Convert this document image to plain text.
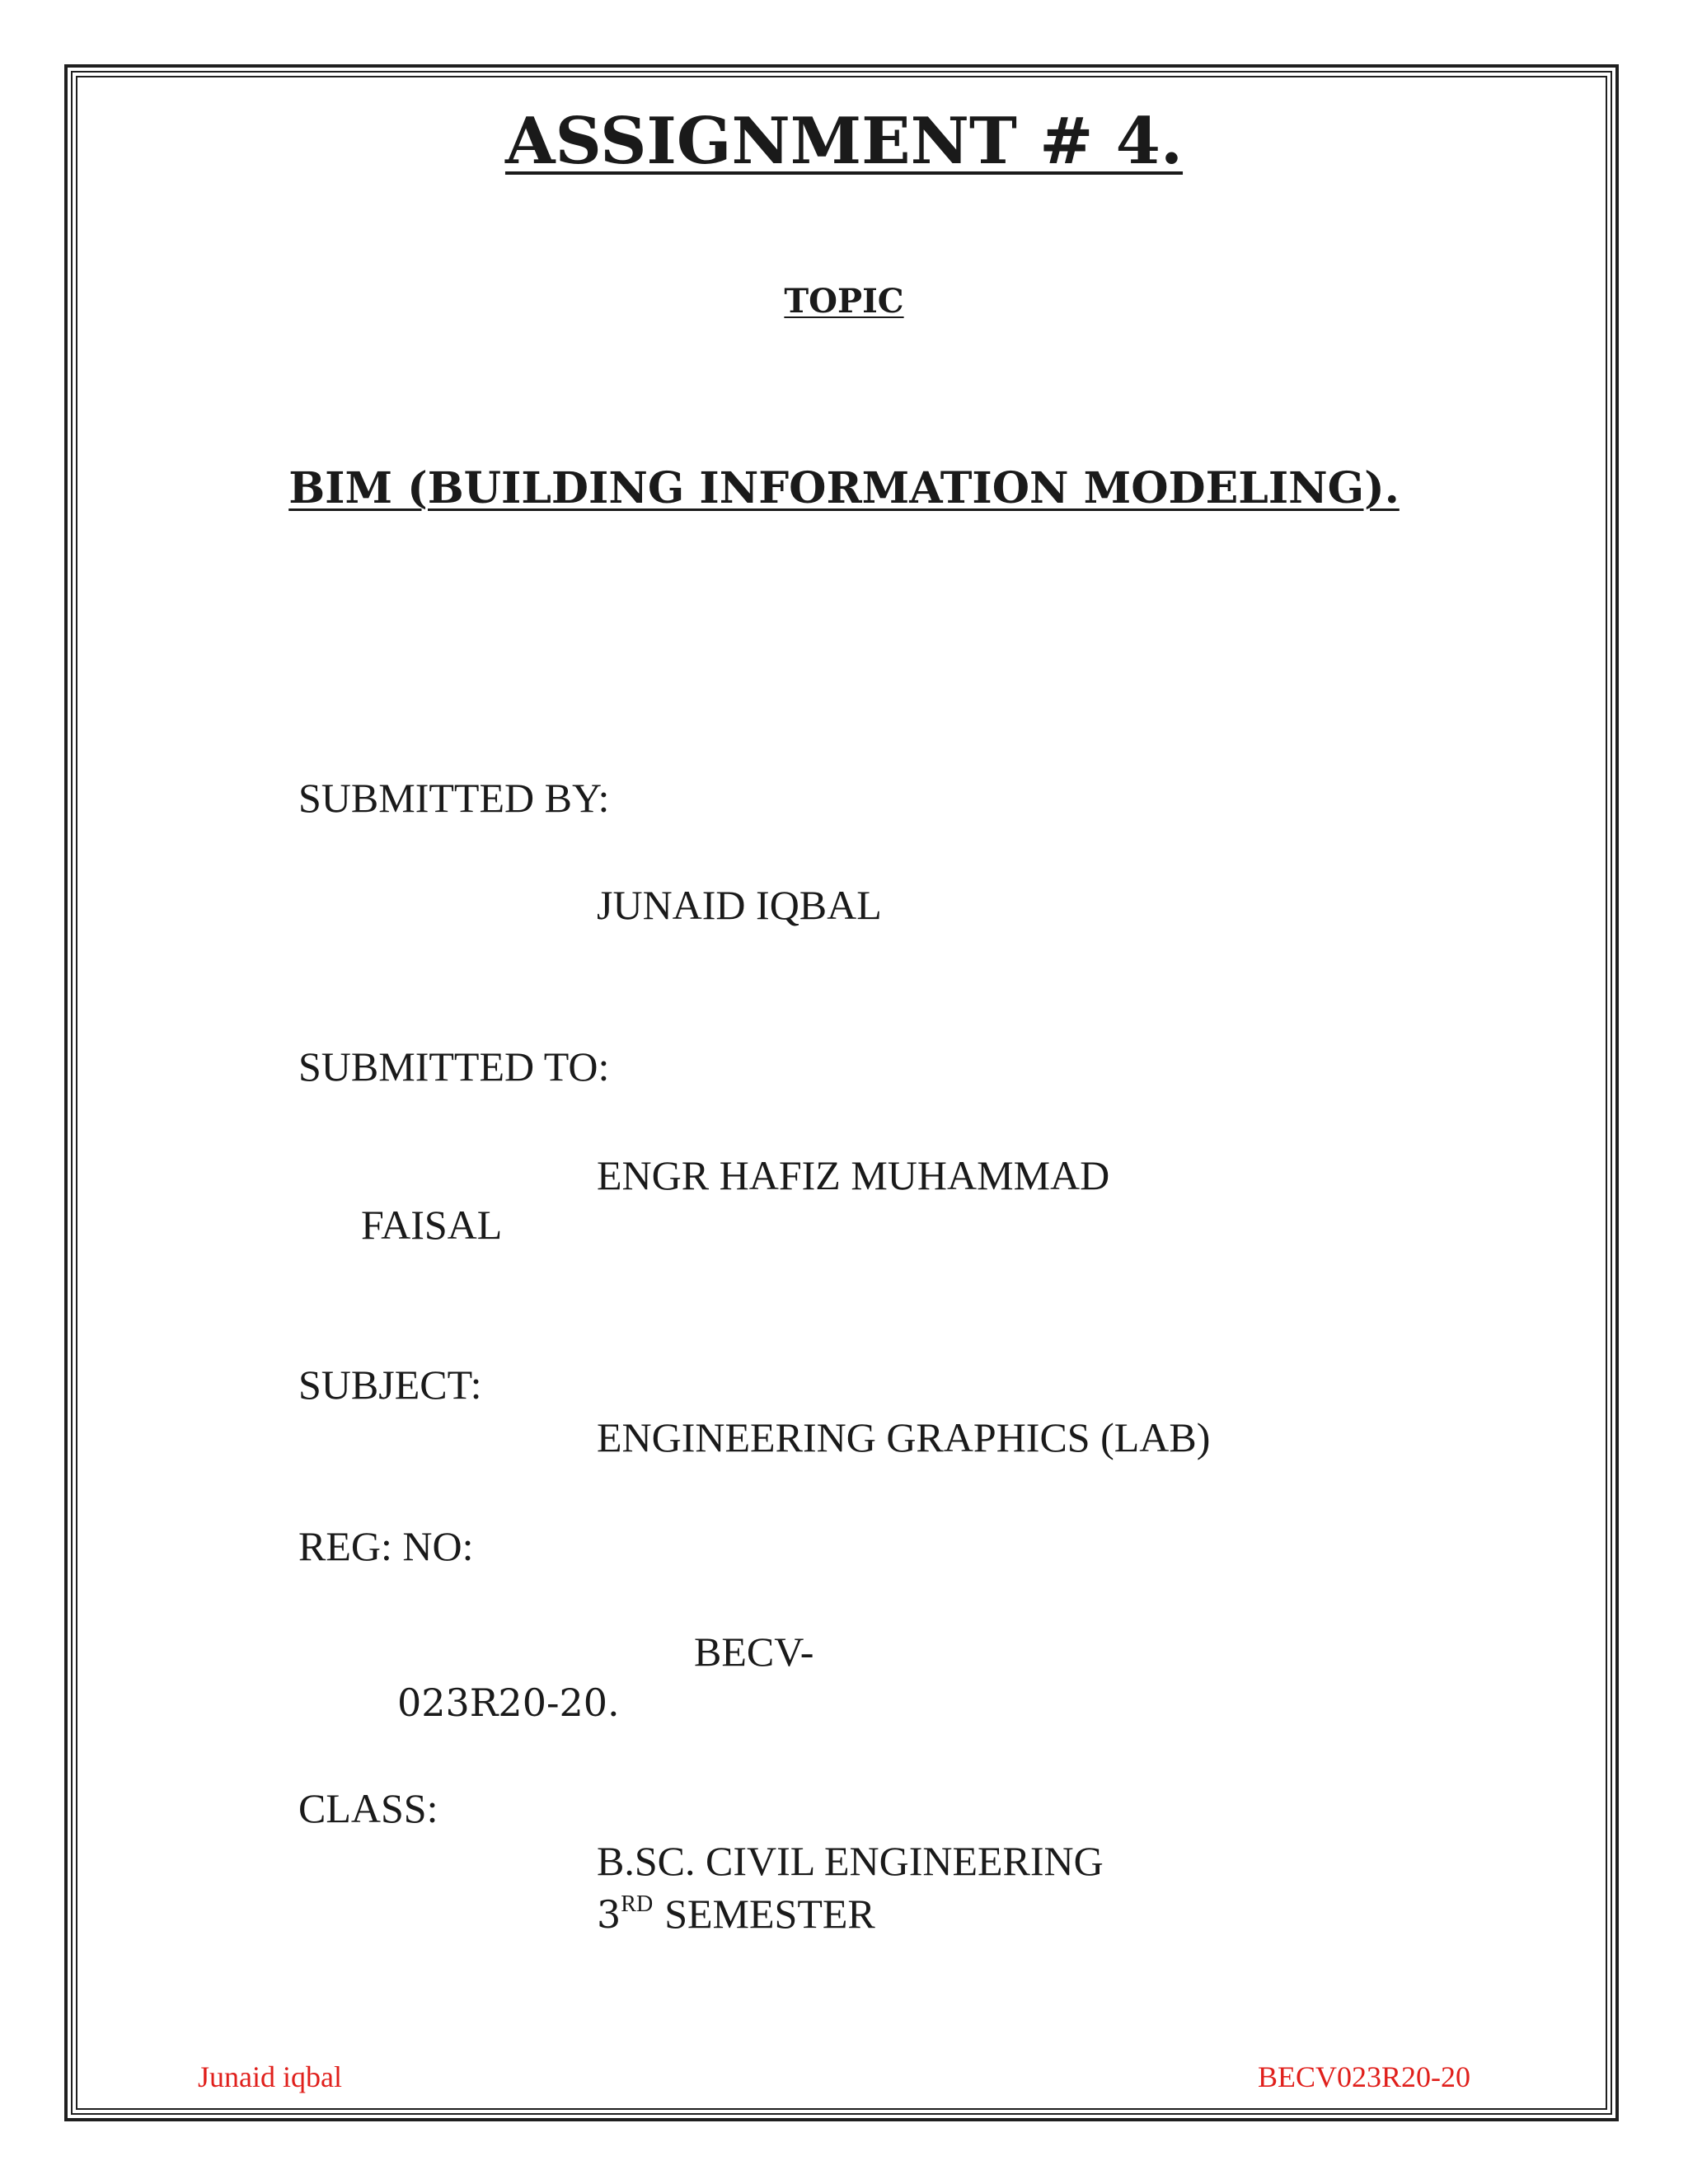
ASSIGNMENT # 4.
TOPIC
BIM (BUILDING INFORMATION MODELING).
SUBMITTED BY:
JUNAID IQBAL
SUBMITTED TO:
ENGR HAFIZ MUHAMMAD
FAISAL
SUBJECT:
ENGINEERING GRAPHICS (LAB)
REG: NO:
BECV-
023R20-20.
CLASS:
B.SC. CIVIL ENGINEERING
3RD SEMESTER
Junaid iqbal	BECV023R20-20
